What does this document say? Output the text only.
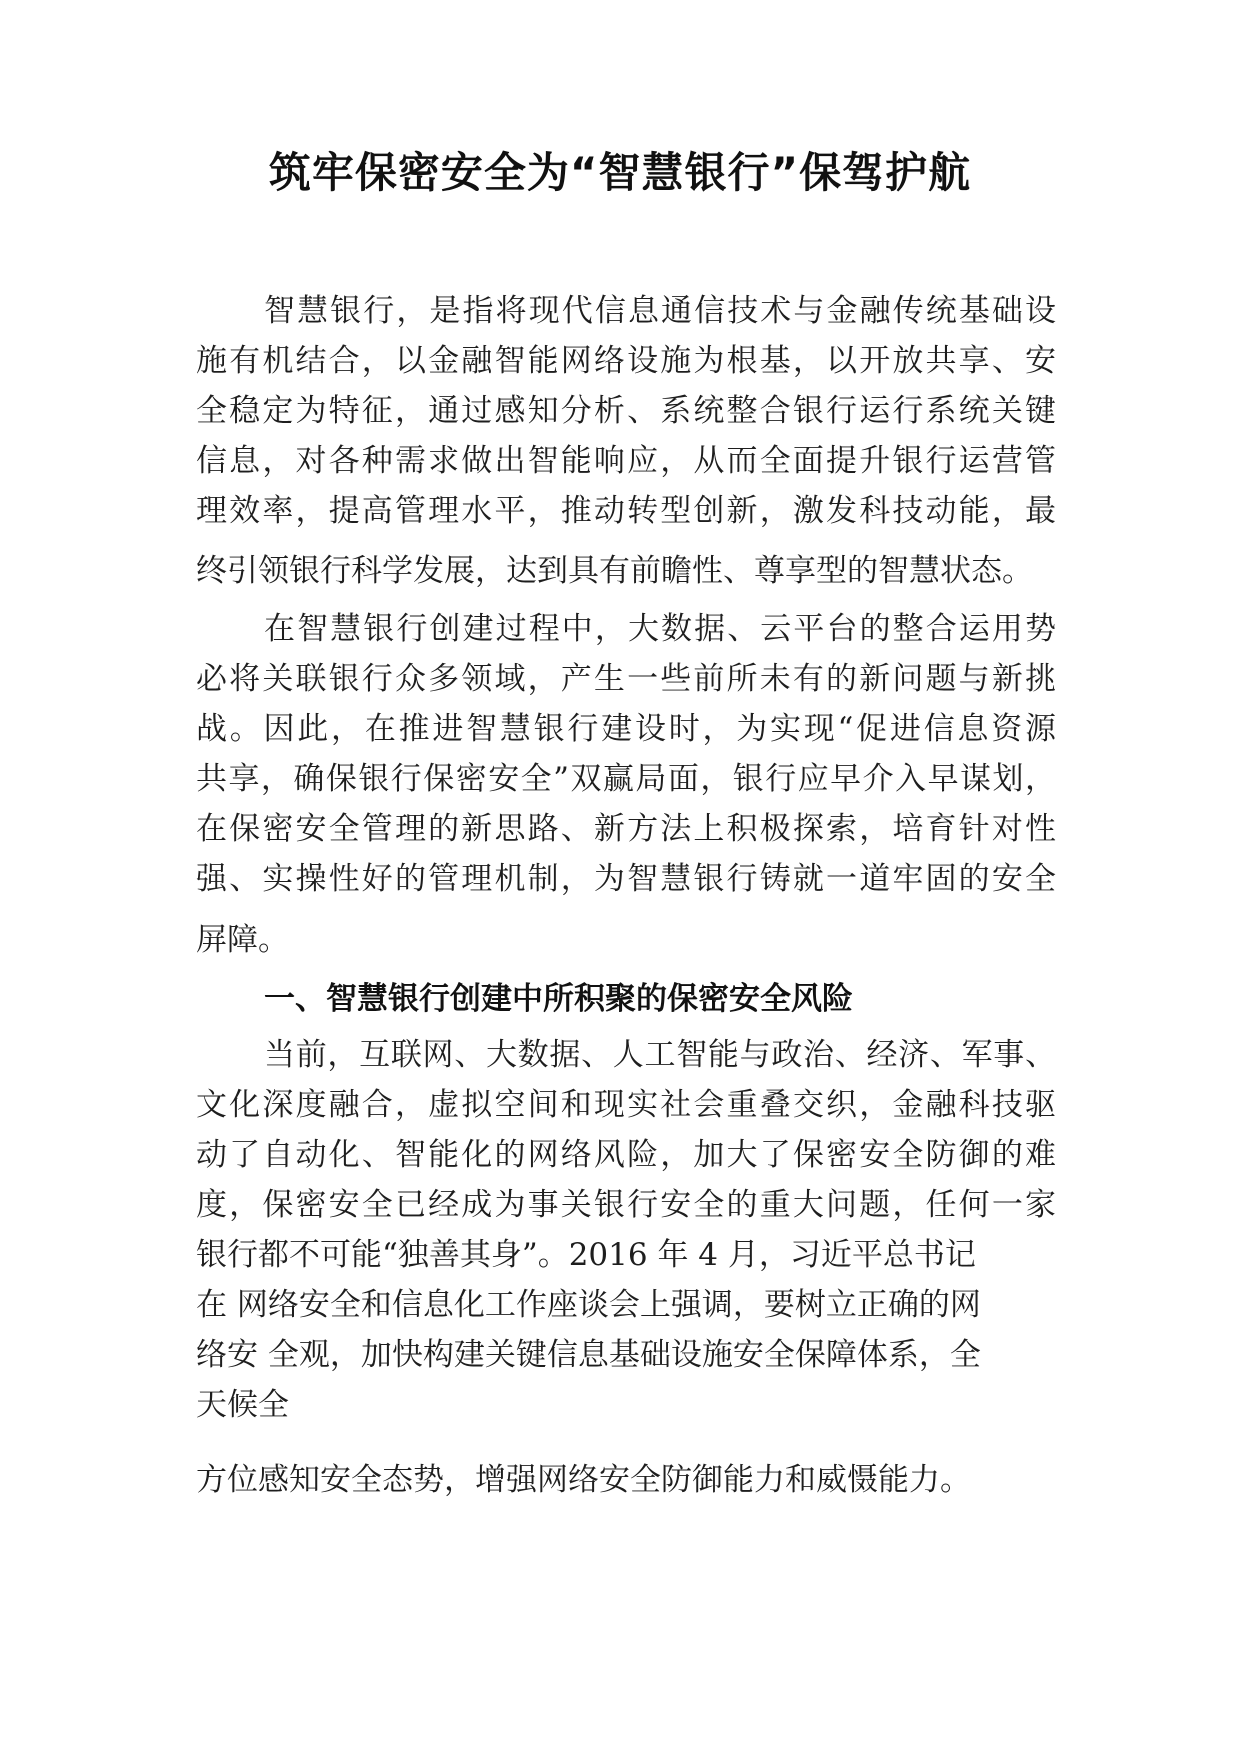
筑牢保密安全为“智慧银行”保驾护航
智慧银行，是指将现代信息通信技术与金融传统基础设
施有机结合，以金融智能网络设施为根基，以开放共享、安
全稳定为特征，通过感知分析、系统整合银行运行系统关键
信息，对各种需求做出智能响应，从而全面提升银行运营管
理效率，提高管理水平，推动转型创新，激发科技动能，最
终引领银行科学发展，达到具有前瞻性、尊享型的智慧状态。
在智慧银行创建过程中，大数据、云平台的整合运用势
必将关联银行众多领域，产生一些前所未有的新问题与新挑
战。因此，在推进智慧银行建设时，为实现“促进信息资源
共享，确保银行保密安全”双赢局面，银行应早介入早谋划，
在保密安全管理的新思路、新方法上积极探索，培育针对性
强、实操性好的管理机制，为智慧银行铸就一道牢固的安全
屏障。
一、智慧银行创建中所积聚的保密安全风险
当前，互联网、大数据、人工智能与政治、经济、军事、
文化深度融合，虚拟空间和现实社会重叠交织，金融科技驱
动了自动化、智能化的网络风险，加大了保密安全防御的难
度，保密安全已经成为事关银行安全的重大问题，任何一家
银行都不可能“独善其身”。2016 年 4 月，习近平总书记
在 网络安全和信息化工作座谈会上强调，要树立正确的网
络安 全观，加快构建关键信息基础设施安全保障体系，全
天候全
方位感知安全态势，增强网络安全防御能力和威慑能力。
